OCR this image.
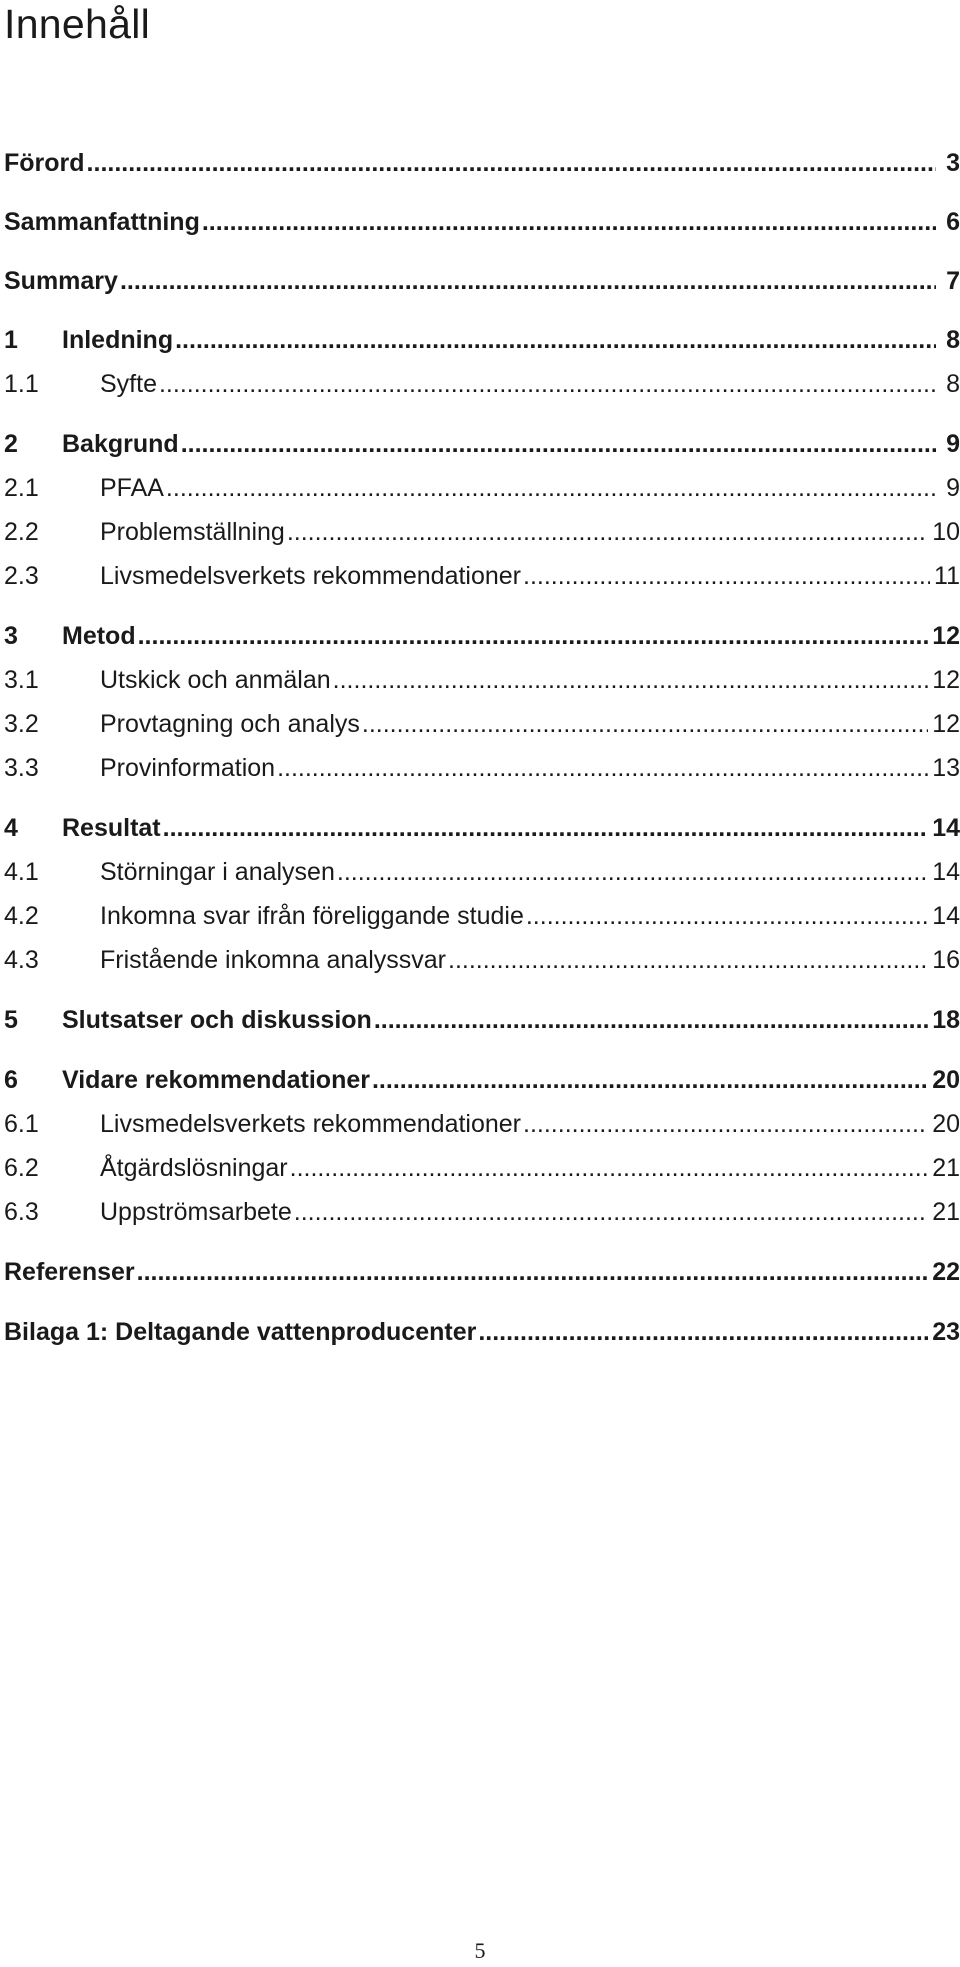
Innehåll
Förord .....	3
Sammanfattning .....	6
Summary .....	7
1	Inledning .....	8
1.1	Syfte .....	8
2	Bakgrund .....	9
2.1	PFAA .....	9
2.2	Problemställning .....	10
2.3	Livsmedelsverkets rekommendationer .....	11
3	Metod .....	12
3.1	Utskick och anmälan .....	12
3.2	Provtagning och analys .....	12
3.3	Provinformation .....	13
4	Resultat .....	14
4.1	Störningar i analysen .....	14
4.2	Inkomna svar ifrån föreliggande studie .....	14
4.3	Fristående inkomna analyssvar .....	16
5	Slutsatser och diskussion .....	18
6	Vidare rekommendationer .....	20
6.1	Livsmedelsverkets rekommendationer .....	20
6.2	Åtgärdslösningar .....	21
6.3	Uppströmsarbete .....	21
Referenser .....	22
Bilaga 1: Deltagande vattenproducenter .....	23
5
